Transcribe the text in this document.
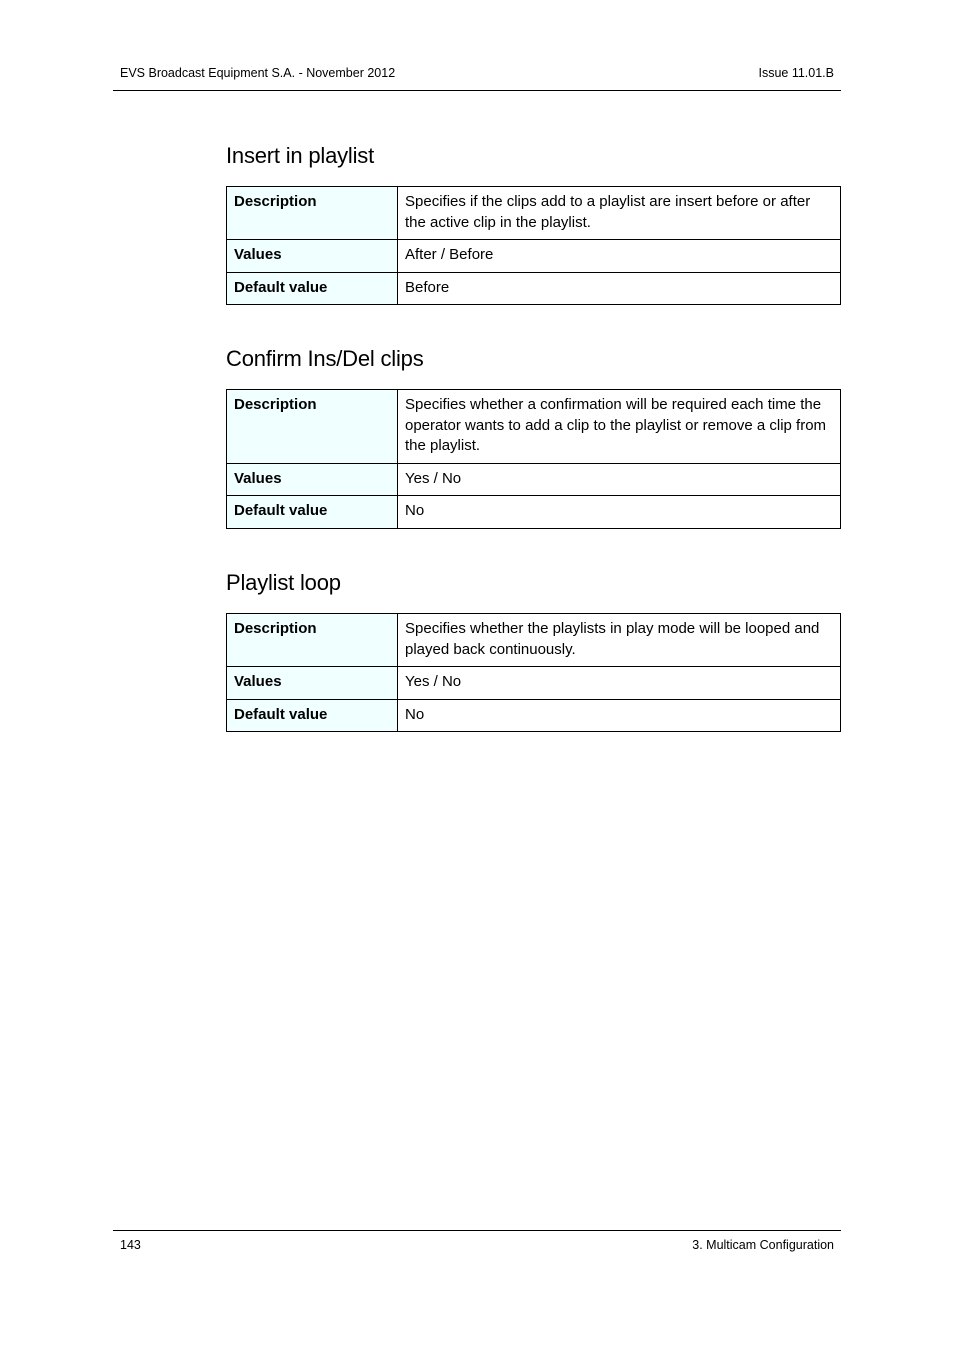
EVS Broadcast Equipment S.A. - November 2012	Issue 11.01.B
Insert in playlist
Description	Specifies if the clips add to a playlist are insert before or after the active clip in the playlist.
Values	After / Before
Default value	Before
Confirm Ins/Del clips
Description	Specifies whether a confirmation will be required each time the operator wants to add a clip to the playlist or remove a clip from the playlist.
Values	Yes / No
Default value	No
Playlist loop
Description	Specifies whether the playlists in play mode will be looped and played back continuously.
Values	Yes / No
Default value	No
143	3. Multicam Configuration
